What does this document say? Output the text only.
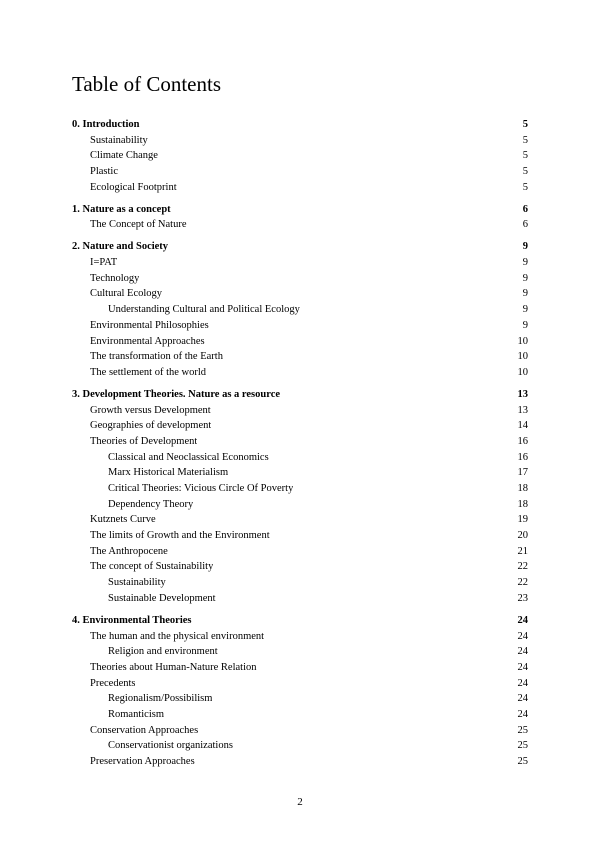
Table of Contents
0. Introduction	5
Sustainability	5
Climate Change	5
Plastic	5
Ecological Footprint	5
1. Nature as a concept	6
The Concept of Nature	6
2. Nature and Society	9
I=PAT	9
Technology	9
Cultural Ecology	9
Understanding Cultural and Political Ecology	9
Environmental Philosophies	9
Environmental Approaches	10
The transformation of the Earth	10
The settlement of the world	10
3. Development Theories. Nature as a resource	13
Growth versus Development	13
Geographies of development	14
Theories of Development	16
Classical and Neoclassical Economics	16
Marx Historical Materialism	17
Critical Theories: Vicious Circle Of Poverty	18
Dependency Theory	18
Kutznets Curve	19
The limits of Growth and the Environment	20
The Anthropocene	21
The concept of Sustainability	22
Sustainability	22
Sustainable Development	23
4. Environmental Theories	24
The human and the physical environment	24
Religion and environment	24
Theories about Human-Nature Relation	24
Precedents	24
Regionalism/Possibilism	24
Romanticism	24
Conservation Approaches	25
Conservationist organizations	25
Preservation Approaches	25
2
